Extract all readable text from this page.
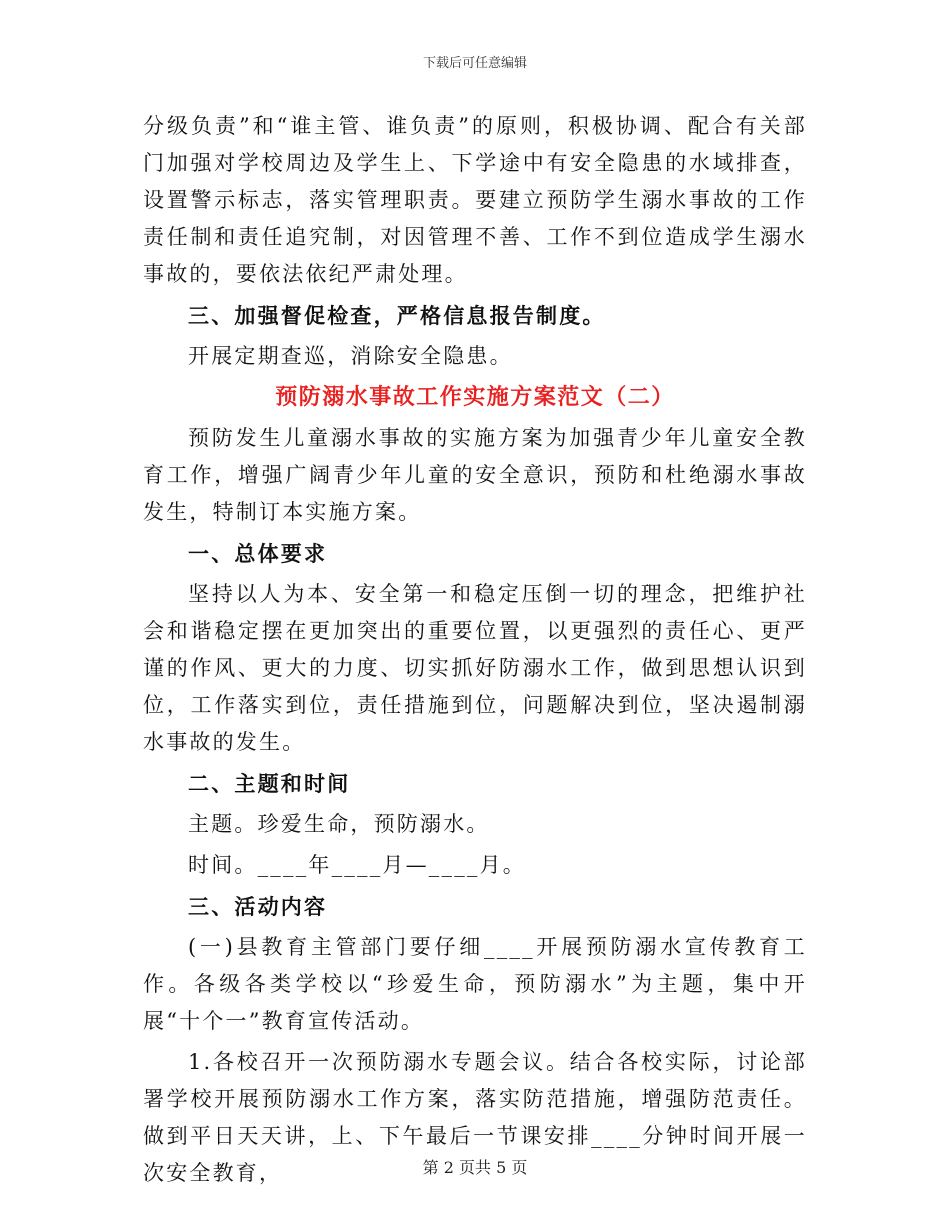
下载后可任意编辑

分级负责”和“谁主管、谁负责”的原则，积极协调、配合有关部门加强对学校周边及学生上、下学途中有安全隐患的水域排查，设置警示标志，落实管理职责。要建立预防学生溺水事故的工作责任制和责任追究制，对因管理不善、工作不到位造成学生溺水事故的，要依法依纪严肃处理。

三、加强督促检查，严格信息报告制度。

开展定期查巡，消除安全隐患。

预防溺水事故工作实施方案范文（二）

预防发生儿童溺水事故的实施方案为加强青少年儿童安全教育工作，增强广阔青少年儿童的安全意识，预防和杜绝溺水事故发生，特制订本实施方案。

一、总体要求

坚持以人为本、安全第一和稳定压倒一切的理念，把维护社会和谐稳定摆在更加突出的重要位置，以更强烈的责任心、更严谨的作风、更大的力度、切实抓好防溺水工作，做到思想认识到位，工作落实到位，责任措施到位，问题解决到位，坚决遏制溺水事故的发生。

二、主题和时间

主题。珍爱生命，预防溺水。

时间。____年____月—____月。

三、活动内容

(一)县教育主管部门要仔细____开展预防溺水宣传教育工作。各级各类学校以“珍爱生命，预防溺水”为主题，集中开展“十个一”教育宣传活动。

1.各校召开一次预防溺水专题会议。结合各校实际，讨论部署学校开展预防溺水工作方案，落实防范措施，增强防范责任。做到平日天天讲，上、下午最后一节课安排____分钟时间开展一次安全教育，	第 2 页共 5 页
